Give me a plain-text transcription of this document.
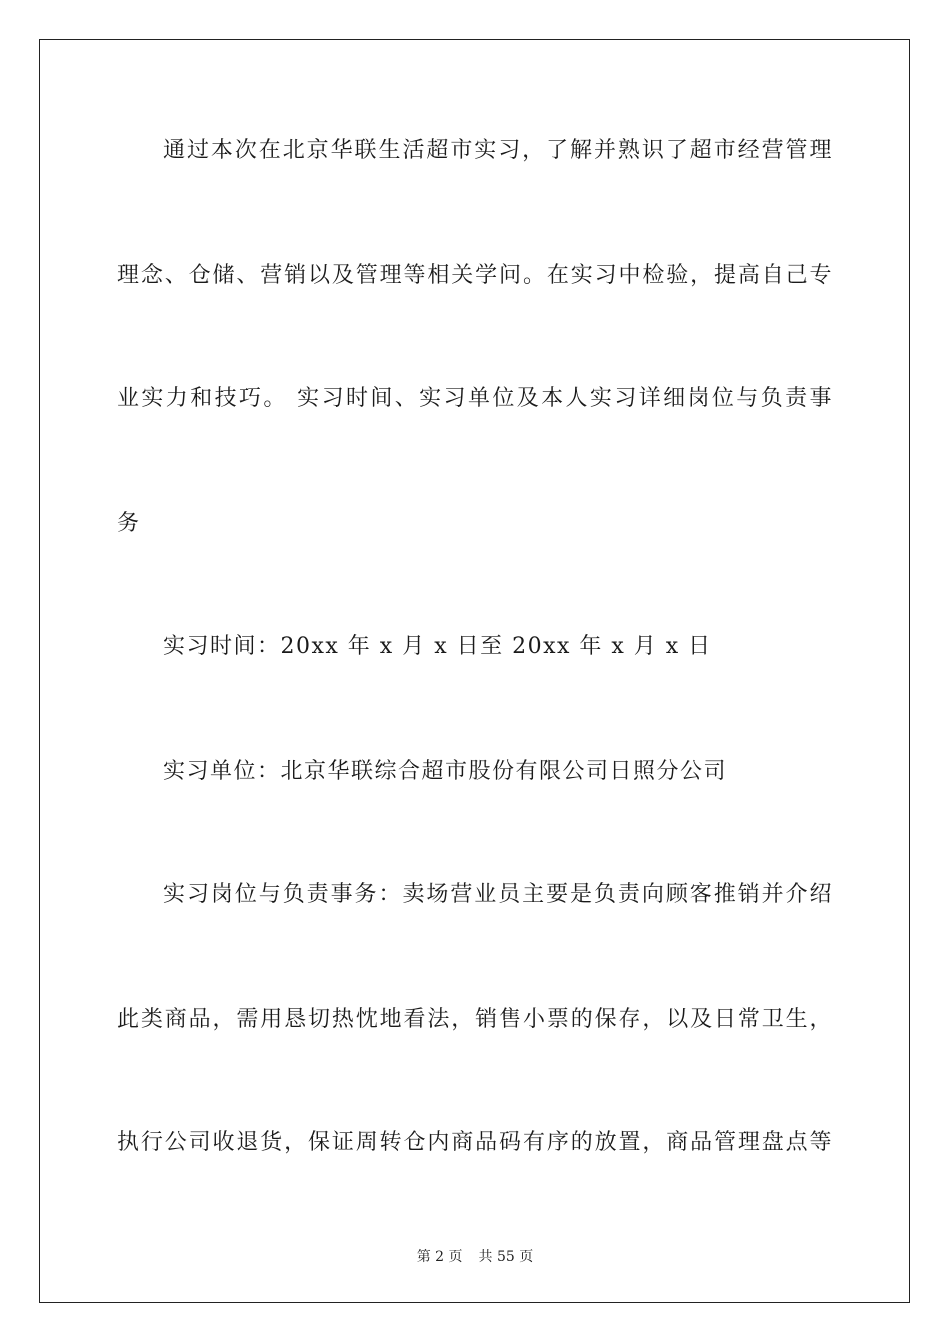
通过本次在北京华联生活超市实习，了解并熟识了超市经营管理
理念、仓储、营销以及管理等相关学问。在实习中检验，提高自己专
业实力和技巧。 实习时间、实习单位及本人实习详细岗位与负责事
务
实习时间：20xx 年 x 月 x 日至 20xx 年 x 月 x 日
实习单位：北京华联综合超市股份有限公司日照分公司
实习岗位与负责事务：卖场营业员主要是负责向顾客推销并介绍
此类商品，需用恳切热忱地看法，销售小票的保存，以及日常卫生，
执行公司收退货，保证周转仓内商品码有序的放置，商品管理盘点等
第 2 页 共 55 页
